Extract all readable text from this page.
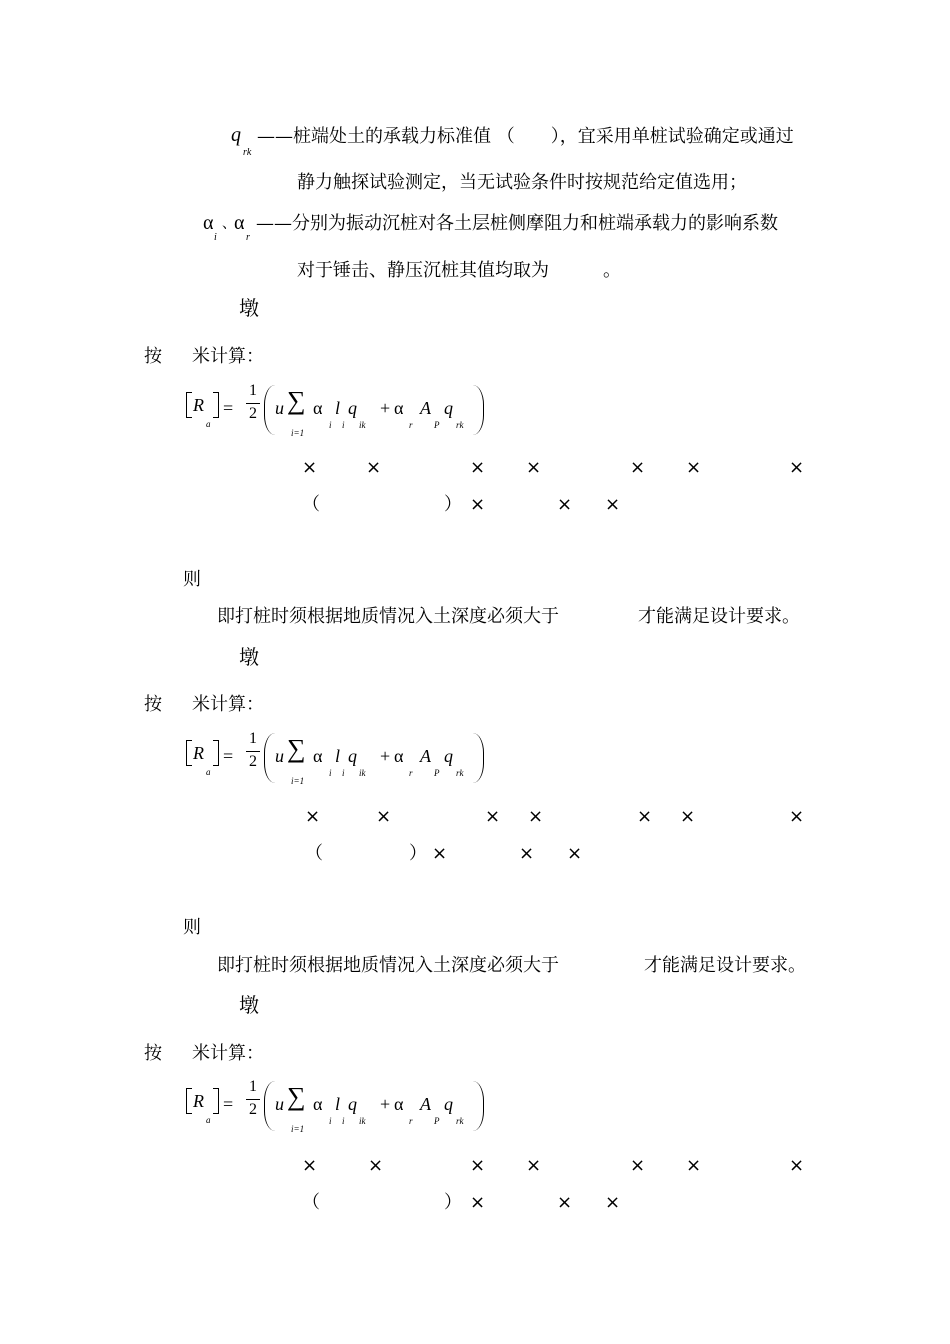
q
rk
——桩端处土的承载力标准值 （　　），宜采用单桩试验确定或通过
静力触探试验测定，当无试验条件时按规范给定值选用；
α
i
、
α
r
——分别为振动沉桩对各土层桩侧摩阻力和桩端承载力的影响系数
对于锤击、静压沉桩其值均取为　　　。
墩
按 米计算：
R
a
=
1
2 u ∑
i=1
α
i
l
i
q
ik
+ α
r
A
P
q
rk
×	×	× ×	× ×	×
（	） ×	× ×
则
即打桩时须根据地质情况入土深度必须大于	才能满足设计要求。
墩
按 米计算：
R
a
=
1
2 u ∑
i=1
α
i
l
i
q
ik
+ α
r
A
P
q
rk
×	×	× ×	× ×	×
（	） ×	× ×
则
即打桩时须根据地质情况入土深度必须大于	才能满足设计要求。
墩
按 米计算：
R
a
=
1
2 u ∑
i=1
α
i
l
i
q
ik
+ α
r
A
P
q
rk
×	×	× ×	× ×	×
（	） ×	× ×
